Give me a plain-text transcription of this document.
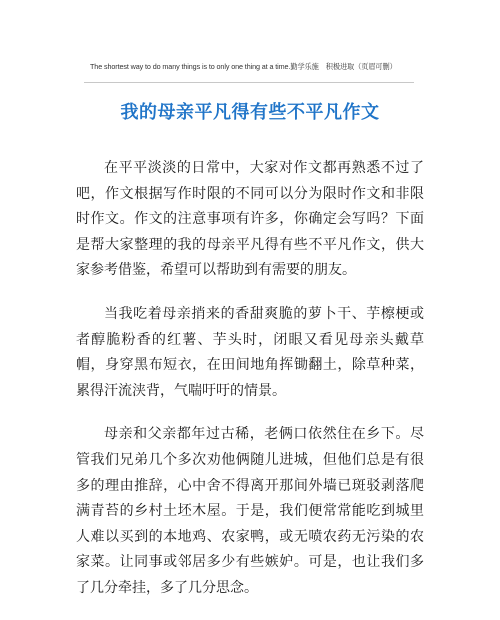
The shortest way to do many things is to only one thing at a time.勤学乐施　积极进取（页眉可删）
我的母亲平凡得有些不平凡作文

在平平淡淡的日常中，大家对作文都再熟悉不过了吧，作文根据写作时限的不同可以分为限时作文和非限时作文。作文的注意事项有许多，你确定会写吗？下面是帮大家整理的我的母亲平凡得有些不平凡作文，供大家参考借鉴，希望可以帮助到有需要的朋友。

当我吃着母亲捎来的香甜爽脆的萝卜干、芋檫梗或者醇脆粉香的红薯、芋头时，闭眼又看见母亲头戴草帽，身穿黑布短衣，在田间地角挥锄翻土，除草种菜，累得汗流浃背，气喘吁吁的情景。

母亲和父亲都年过古稀，老俩口依然住在乡下。尽管我们兄弟几个多次劝他俩随儿进城，但他们总是有很多的理由推辞，心中舍不得离开那间外墙已斑驳剥落爬满青苔的乡村土坯木屋。于是，我们便常常能吃到城里人难以买到的本地鸡、农家鸭，或无喷农药无污染的农家菜。让同事或邻居多少有些嫉妒。可是，也让我们多了几分牵挂，多了几分思念。
